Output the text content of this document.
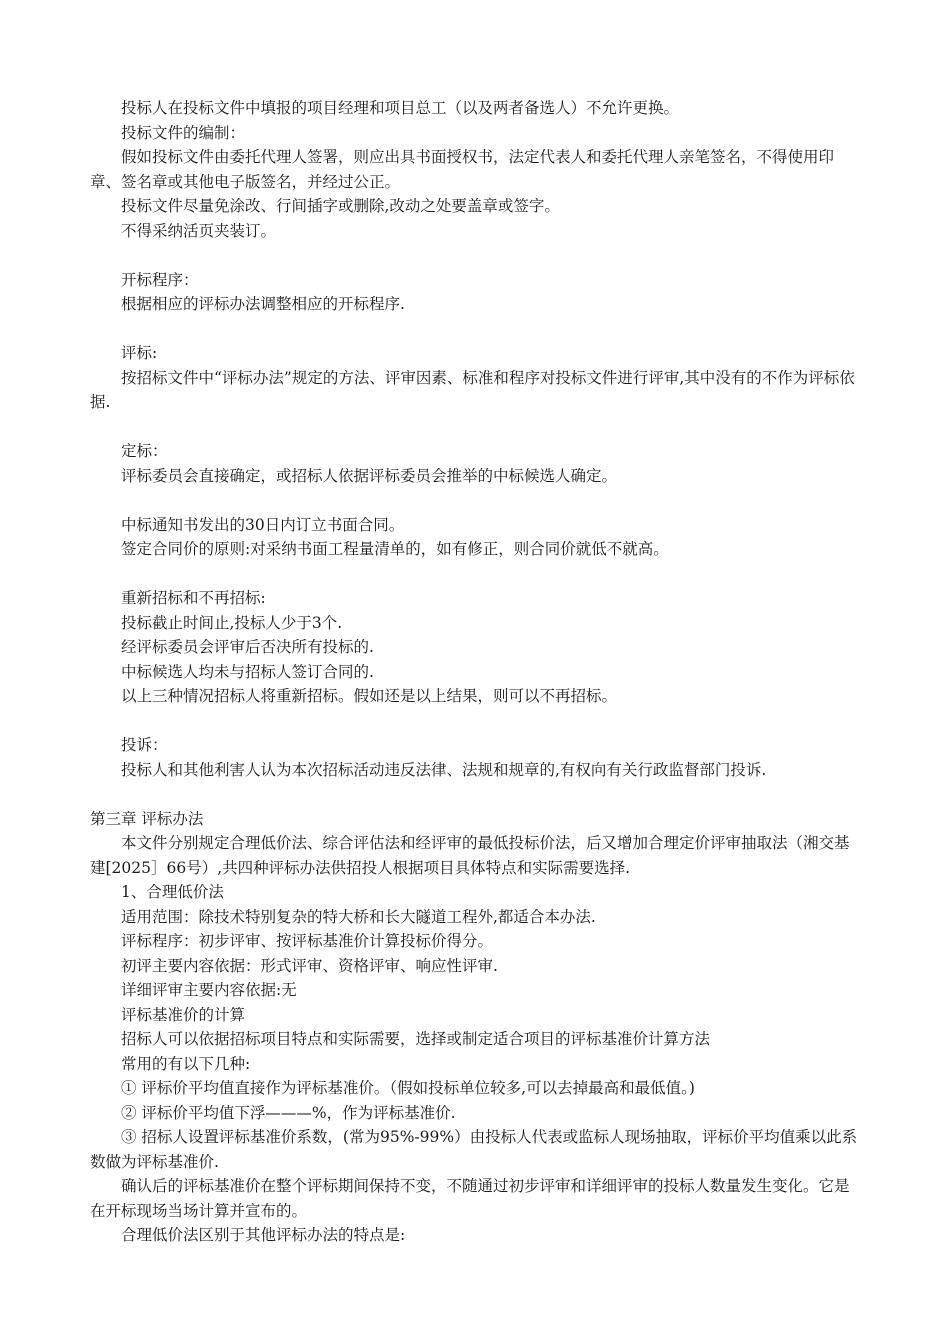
投标人在投标文件中填报的项目经理和项目总工（以及两者备选人）不允许更换。
投标文件的编制：
假如投标文件由委托代理人签署，则应出具书面授权书，法定代表人和委托代理人亲笔签名，不得使用印章、签名章或其他电子版签名，并经过公正。
投标文件尽量免涂改、行间插字或删除,改动之处要盖章或签字。
不得采纳活页夹装订。
开标程序：
根据相应的评标办法调整相应的开标程序.
评标:
按招标文件中“评标办法”规定的方法、评审因素、标准和程序对投标文件进行评审,其中没有的不作为评标依据.
定标：
评标委员会直接确定，或招标人依据评标委员会推举的中标候选人确定。
中标通知书发出的30日内订立书面合同。
签定合同价的原则:对采纳书面工程量清单的，如有修正，则合同价就低不就高。
重新招标和不再招标:
投标截止时间止,投标人少于3个.
经评标委员会评审后否决所有投标的.
中标候选人均未与招标人签订合同的.
以上三种情况招标人将重新招标。假如还是以上结果，则可以不再招标。
投诉：
投标人和其他利害人认为本次招标活动违反法律、法规和规章的,有权向有关行政监督部门投诉.
第三章 评标办法
本文件分别规定合理低价法、综合评估法和经评审的最低投标价法，后又增加合理定价评审抽取法（湘交基建[2025］66号）,共四种评标办法供招投人根据项目具体特点和实际需要选择.
1、合理低价法
适用范围：除技术特别复杂的特大桥和长大隧道工程外,都适合本办法.
评标程序：初步评审、按评标基准价计算投标价得分。
初评主要内容依据：形式评审、资格评审、响应性评审.
详细评审主要内容依据:无
评标基准价的计算
招标人可以依据招标项目特点和实际需要，选择或制定适合项目的评标基准价计算方法
常用的有以下几种:
① 评标价平均值直接作为评标基准价。（假如投标单位较多,可以去掉最高和最低值。)
② 评标价平均值下浮———%，作为评标基准价.
③ 招标人设置评标基准价系数，(常为95%-99%）由投标人代表或监标人现场抽取，评标价平均值乘以此系数做为评标基准价.
确认后的评标基准价在整个评标期间保持不变，不随通过初步评审和详细评审的投标人数量发生变化。它是在开标现场当场计算并宣布的。
合理低价法区别于其他评标办法的特点是:
